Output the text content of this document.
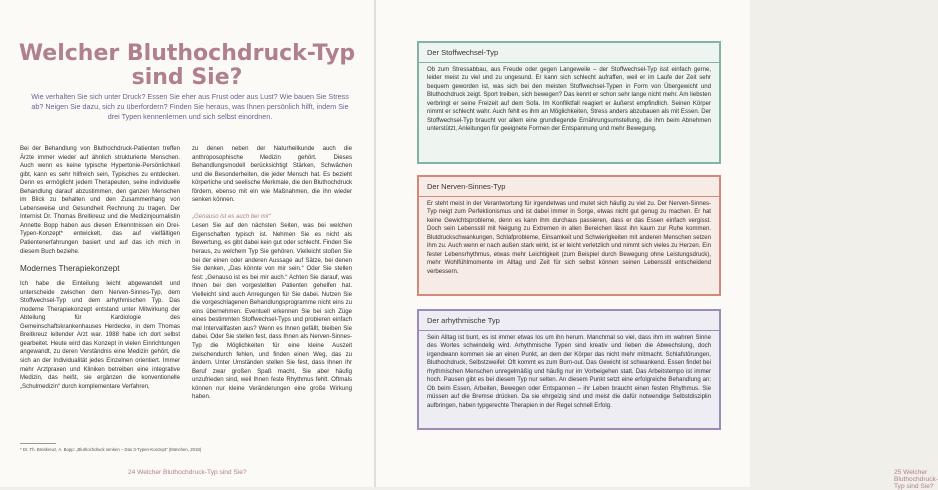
Welcher Bluthochdruck-Typ sind Sie?

Wie verhalten Sie sich unter Druck? Essen Sie eher aus Frust oder aus Lust? Wie bauen Sie Stress ab? Neigen Sie dazu, sich zu überfordern? Finden Sie heraus, was Ihnen persönlich hilft, indem Sie drei Typen kennenlernen und sich selbst einordnen.

Bei der Behandlung von Bluthochdruck-Patienten treffen Ärzte immer wieder auf ähnlich strukturierte Menschen. Auch wenn es keine typische Hypertonie-Persönlichkeit gibt, kann es sehr hilfreich sein, Typisches zu entdecken. Denn es ermöglicht jedem Therapeuten, seine individuelle Behandlung darauf abzustimmen, den ganzen Menschen im Blick zu behalten und den Zusammenhang von Lebensweise und Gesundheit Rechnung zu tragen. Der Internist Dr. Thomas Breitkreuz und die Medizinjournalistin Annette Bopp haben aus diesen Erkenntnissen ein Drei-Typen-Konzept* entwickelt, das auf vielfältigen Patientenerfahrungen basiert und auf das ich mich in diesem Buch beziehe.

Modernes Therapiekonzept

Ich habe die Einteilung leicht abgewandelt und unterscheide zwischen dem Nerven-Sinnes-Typ, dem Stoffwechsel-Typ und dem arhythmischen Typ. Das moderne Therapiekonzept entstand unter Mitwirkung der Abteilung für Kardiologie des Gemeinschaftskrankenhauses Herdecke, in dem Thomas Breitkreuz leitender Arzt war. 1988 habe ich dort selbst gearbeitet. Heute wird das Konzept in vielen Einrichtungen angewandt, zu deren Verständnis eine Medizin gehört, die sich an der Individualität jedes Einzelnen orientiert. Immer mehr Arztpraxen und Kliniken betreiben eine integrative Medizin, das heißt, sie ergänzen die konventionelle „Schulmedizin“ durch komplementare Verfahren,

zu denen neben der Naturheilkunde auch die anthroposophische Medizin gehört. Dieses Behandlungsmodell berücksichtigt Stärken, Schwächen und die Besonderheiten, die jeder Mensch hat. Es bezieht körperliche und seelische Merkmale, die den Bluthochdruck fördern, ebenso mit ein wie Maßnahmen, die ihn wieder senken können.

„Genauso ist es auch bei mir“

Lesen Sie auf den nächsten Seiten, was bei welchen Eigenschaften typisch ist. Nehmen Sie es nicht als Bewertung, es gibt dabei kein gut oder schlecht. Finden Sie heraus, zu welchem Typ Sie gehören. Vielleicht stoßen Sie bei der einen oder anderen Aussage auf Sätze, bei denen Sie denken, „Das könnte von mir sein.“ Oder Sie stellen fest: „Genauso ist es bei mir auch.“ Achten Sie darauf, was Ihnen bei den vorgestellten Patienten gehelfen hat. Vielleicht sind auch Anregungen für Sie dabei. Nutzen Sie die vorgeschlagenen Behandlungsprogramme nicht eins zu eins übernehmen. Eventuell erkennen Sie bei sich Züge eines bestimmten Stoffwechsel-Typs und probieren einfach mal Intervallfasten aus? Wenn es Ihnen gefällt, bleiben Sie dabei. Oder Sie stellen fest, dass Ihnen als Nerven-Sinnes-Typ die Möglichkeiten für eine kleine Auszeit zwischendurch fehlen, und finden einen Weg, das zu ändern. Unter Umständen stellen Sie fest, dass Ihnen Ihr Beruf zwar großen Spaß macht, Sie aber häufig unzufrieden sind, weil Ihnen feste Rhythmus fehlt. Oftmals können nur kleine Veränderungen eine große Wirkung haben.

* Dr. Th. Breitkreuz, A. Bopp: „Bluthochdruck senken – Das 3-Typen-Konzept“ (München, 2018)

24 Welcher Bluthochdruck-Typ sind Sie?	25 Welcher Bluthochdruck-Typ sind Sie?

Der Stoffwechsel-Typ

Ob zum Stressabbau, aus Freude oder gegen Langeweile – der Stoffwechsel-Typ isst einfach gerne, leider meist zu viel und zu ungesund. Er kann sich schlecht aufraffen, weil er im Laufe der Zeit sehr bequem geworden ist, was sich bei den meisten Stoffwechsel-Typen in Form von Übergewicht und Bluthochdruck zeigt. Sport treiben, sich bewegen? Das kennt er schon sehr lange nicht mehr. Am liebsten verbringt er seine Freizeit auf dem Sofa. Im Konfliktfall reagiert er äußerst empfindlich. Seinen Körper nimmt er schlecht wahr. Auch fehlt es ihm an Möglichkeiten, Stress anders abzubauen als mit Essen. Der Stoffwechsel-Typ braucht vor allem eine grundlegende Ernährungsumstellung, die ihm beim Abnehmen unterstützt, Anleitungen für geeignete Formen der Entspannung und mehr Bewegung.

Der Nerven-Sinnes-Typ

Er steht meist in der Verantwortung für irgendetwas und mutet sich häufig zu viel zu. Der Nerven-Sinnes-Typ neigt zum Perfektionismus und ist dabei immer in Sorge, etwas nicht gut genug zu machen. Er hat keine Gewichtsprobleme, denn es kann ihm durchaus passieren, dass er das Essen einfach vergisst. Doch sein Lebensstil mit Neigung zu Extremen in allen Bereichen lässt ihn kaum zur Ruhe kommen. Blutdruckschwankungen, Schlafprobleme, Einsamkeit und Schwierigkeiten mit anderen Menschen setzen ihm zu. Auch wenn er nach außen stark wirkt, ist er leicht verletzlich und nimmt sich vieles zu Herzen. Ein fester Lebensrhythmus, etwas mehr Leichtigkeit (zum Beispiel durch Bewegung ohne Leistungsdruck), mehr Wohlfühlmomente im Alltag und Zeit für sich selbst können seinen Lebensstil entscheidend verbessern.

Der arhythmische Typ

Sein Alltag ist bunt, es ist immer etwas los um ihn herum. Manchmal so viel, dass ihm im wahren Sinne des Wortes schwindelig wird. Arhythmische Typen sind kreativ und lieben die Abwechslung, doch irgendwann kommen sie an einen Punkt, an dem der Körper das nicht mehr mitmacht. Schlafstörungen, Bluthochdruck, Selbstzweifel: Oft kommt es zum Burn-out. Das Gewicht ist schwankend. Essen findet bei rhythmischen Menschen unregelmäßig und häufig nur im Vorbeigehen statt. Das Arbeitstempo ist immer hoch. Pausen gibt es bei diesem Typ nur selten. An diesem Punkt setzt eine erfolgreiche Behandlung an: Ob beim Essen, Arbeiten, Bewegen oder Entspannen – ihr Leben braucht einen festen Rhythmus. Sie müssen auf die Bremse drücken. Da sie ehrgeizig sind und meist die dafür notwendige Selbstdisziplin aufbringen, haben typgerechte Therapien in der Regel schnell Erfolg.
